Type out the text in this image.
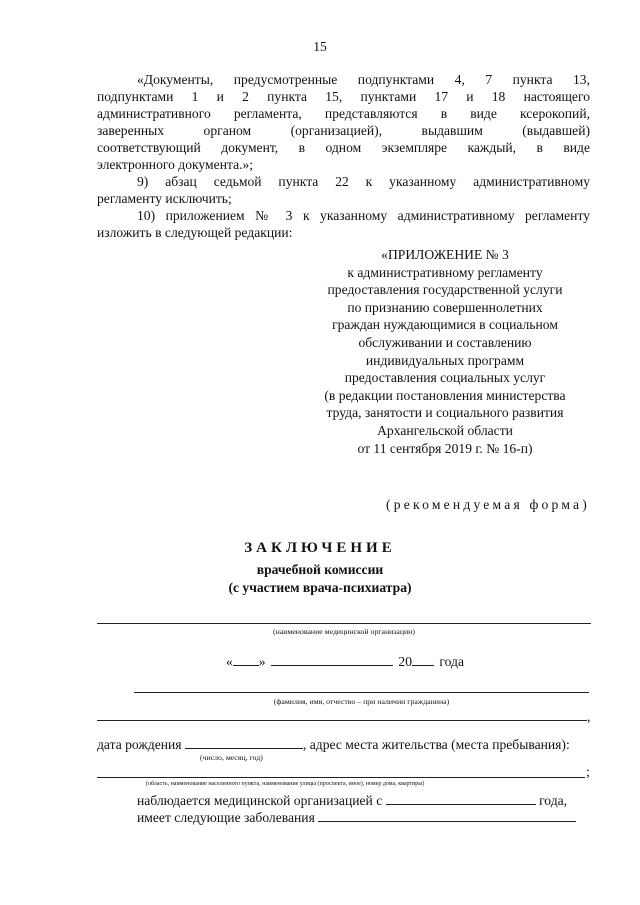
15
«Документы, предусмотренные подпунктами 4, 7 пункта 13,
подпунктами 1 и 2 пункта 15, пунктами 17 и 18 настоящего
административного регламента, представляются в виде ксерокопий,
заверенных органом (организацией), выдавшим (выдавшей)
соответствующий документ, в одном экземпляре каждый, в виде
электронного документа.»;
9) абзац седьмой пункта 22 к указанному административному
регламенту исключить;
10) приложением № 3 к указанному административному регламенту
изложить в следующей редакции:
«ПРИЛОЖЕНИЕ № 3
к административному регламенту
предоставления государственной услуги
по признанию совершеннолетних
граждан нуждающимися в социальном
обслуживании и составлению
индивидуальных программ
предоставления социальных услуг
(в редакции постановления министерства
труда, занятости и социального развития
Архангельской области
от 11 сентября 2019 г. № 16-п)
(рекомендуемая форма)
ЗАКЛЮЧЕНИЕ
врачебной комиссии
(с участием врача-психиатра)
(наименование медицинской организации)
« »	20 года
(фамилия, имя, отчество – при наличии гражданина)
,
дата рождения	, адрес места жительства (места пребывания):
(число, месяц, год)
;
(область, наименование населенного пункта, наименование улицы (проспекта, иное), номер дома, квартиры)
наблюдается медицинской организацией с	года,
имеет следующие заболевания
